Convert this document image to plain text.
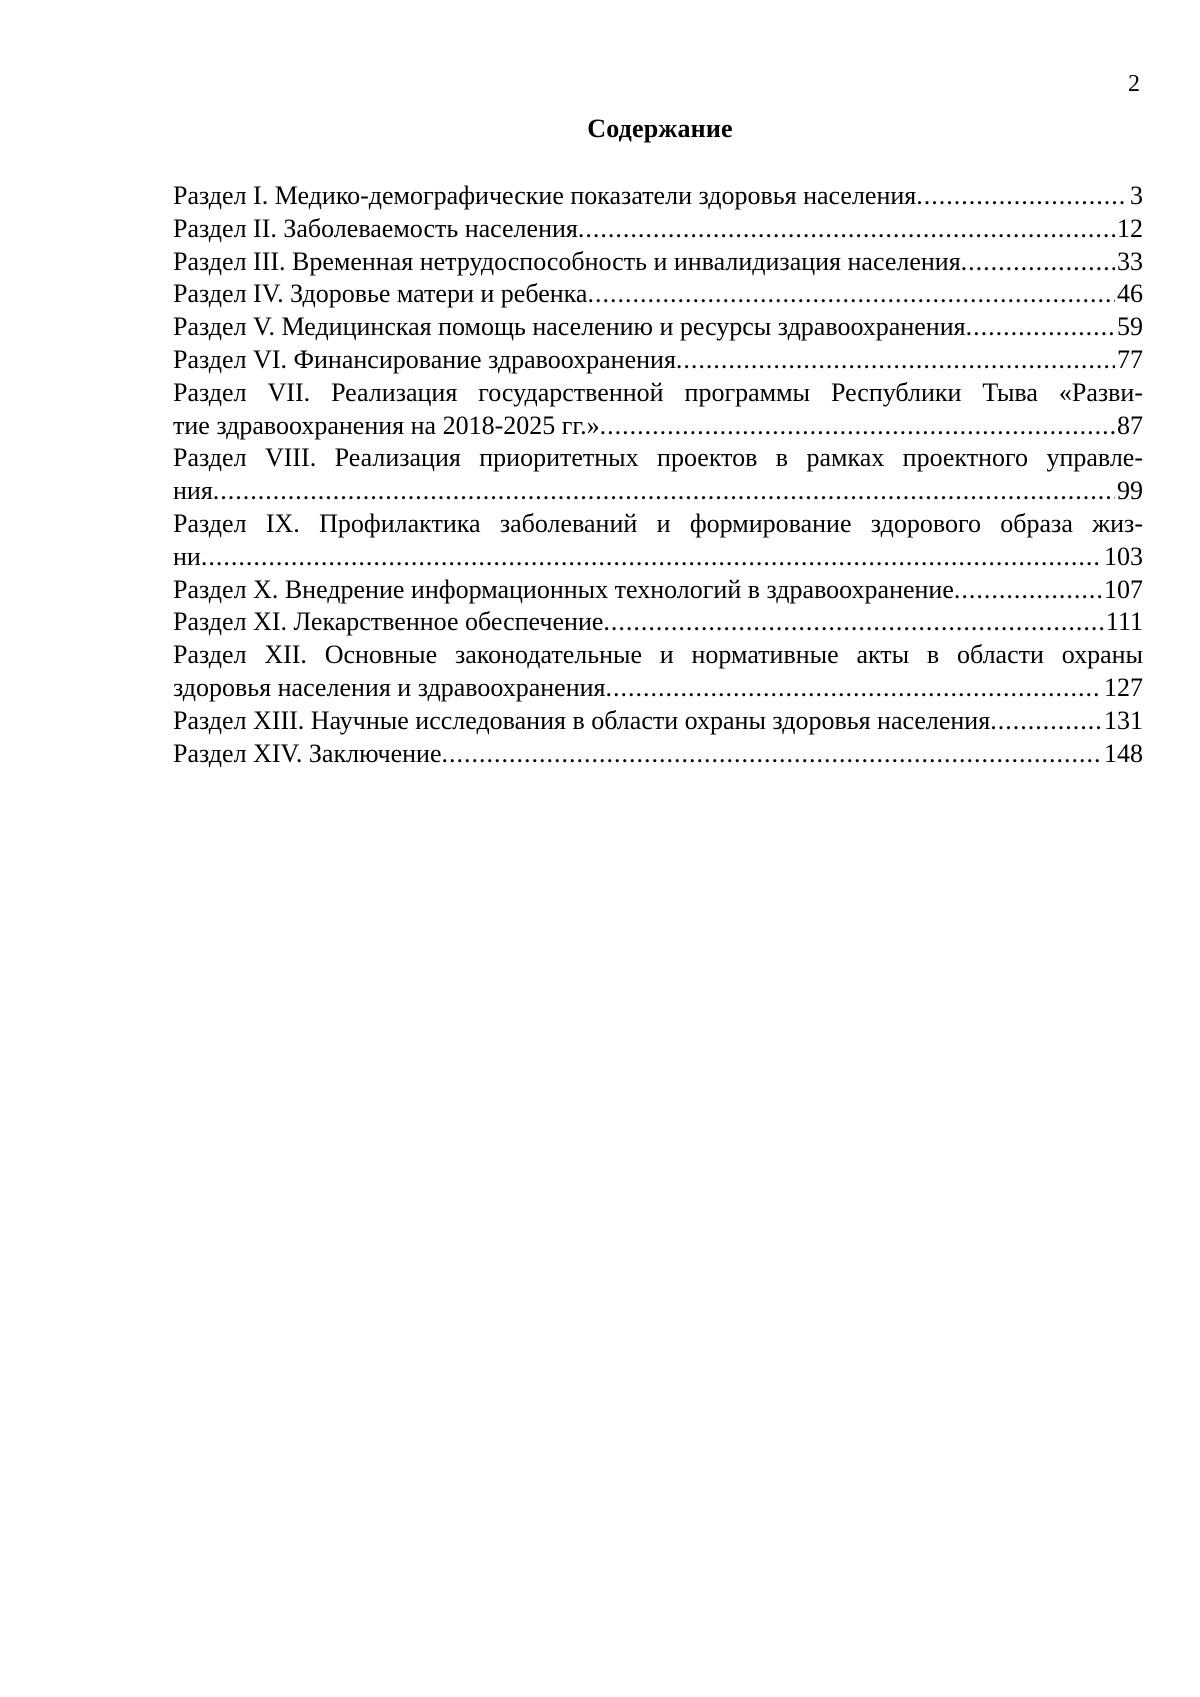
2
Содержание
Раздел I. Медико-демографические показатели здоровья населения .....	3
Раздел II. Заболеваемость населения .....	12
Раздел III. Временная нетрудоспособность и инвалидизация населения .....	33
Раздел IV. Здоровье матери и ребенка .....	46
Раздел V. Медицинская помощь населению и ресурсы здравоохранения .....	59
Раздел VI. Финансирование здравоохранения .....	77
Раздел VII. Реализация государственной программы Республики Тыва «Разви-
тие здравоохранения на 2018-2025 гг.» .....	87
Раздел VIII. Реализация приоритетных проектов в рамках проектного управле-
ния .....	99
Раздел IX. Профилактика заболеваний и формирование здорового образа жиз-
ни .....	103
Раздел X. Внедрение информационных технологий в здравоохранение .....	107
Раздел XI. Лекарственное обеспечение .....	111
Раздел XII. Основные законодательные и нормативные акты в области охраны
здоровья населения и здравоохранения .....	127
Раздел XIII. Научные исследования в области охраны здоровья населения .....	131
Раздел XIV. Заключение .....	148
